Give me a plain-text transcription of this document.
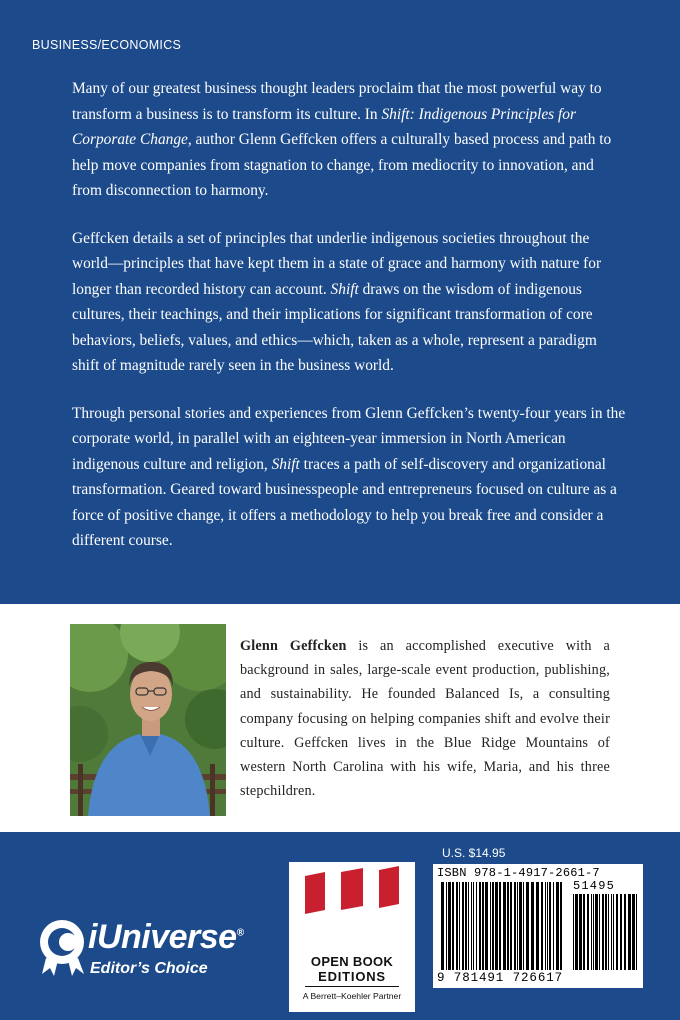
BUSINESS/ECONOMICS

Many of our greatest business thought leaders proclaim that the most powerful way to transform a business is to transform its culture. In Shift: Indigenous Principles for Corporate Change, author Glenn Geffcken offers a culturally based process and path to help move companies from stagnation to change, from mediocrity to innovation, and from disconnection to harmony.

Geffcken details a set of principles that underlie indigenous societies throughout the world—principles that have kept them in a state of grace and harmony with nature for longer than recorded history can account. Shift draws on the wisdom of indigenous cultures, their teachings, and their implications for significant transformation of core behaviors, beliefs, values, and ethics—which, taken as a whole, represent a paradigm shift of magnitude rarely seen in the business world.

Through personal stories and experiences from Glenn Geffcken’s twenty-four years in the corporate world, in parallel with an eighteen-year immersion in North American indigenous culture and religion, Shift traces a path of self-discovery and organizational transformation. Geared toward businesspeople and entrepreneurs focused on culture as a force of positive change, it offers a methodology to help you break free and consider a different course.

Glenn Geffcken is an accomplished executive with a background in sales, large-scale event production, publishing, and sustainability. He founded Balanced Is, a consulting company focusing on helping companies shift and evolve their culture. Geffcken lives in the Blue Ridge Mountains of western North Carolina with his wife, Maria, and his three stepchildren.
iUniverse®
Editor’s Choice	OPEN BOOK
EDITIONS
A Berrett–Koehler Partner
U.S. $14.95
ISBN 978-1-4917-2661-7
51495
9 781491 726617
